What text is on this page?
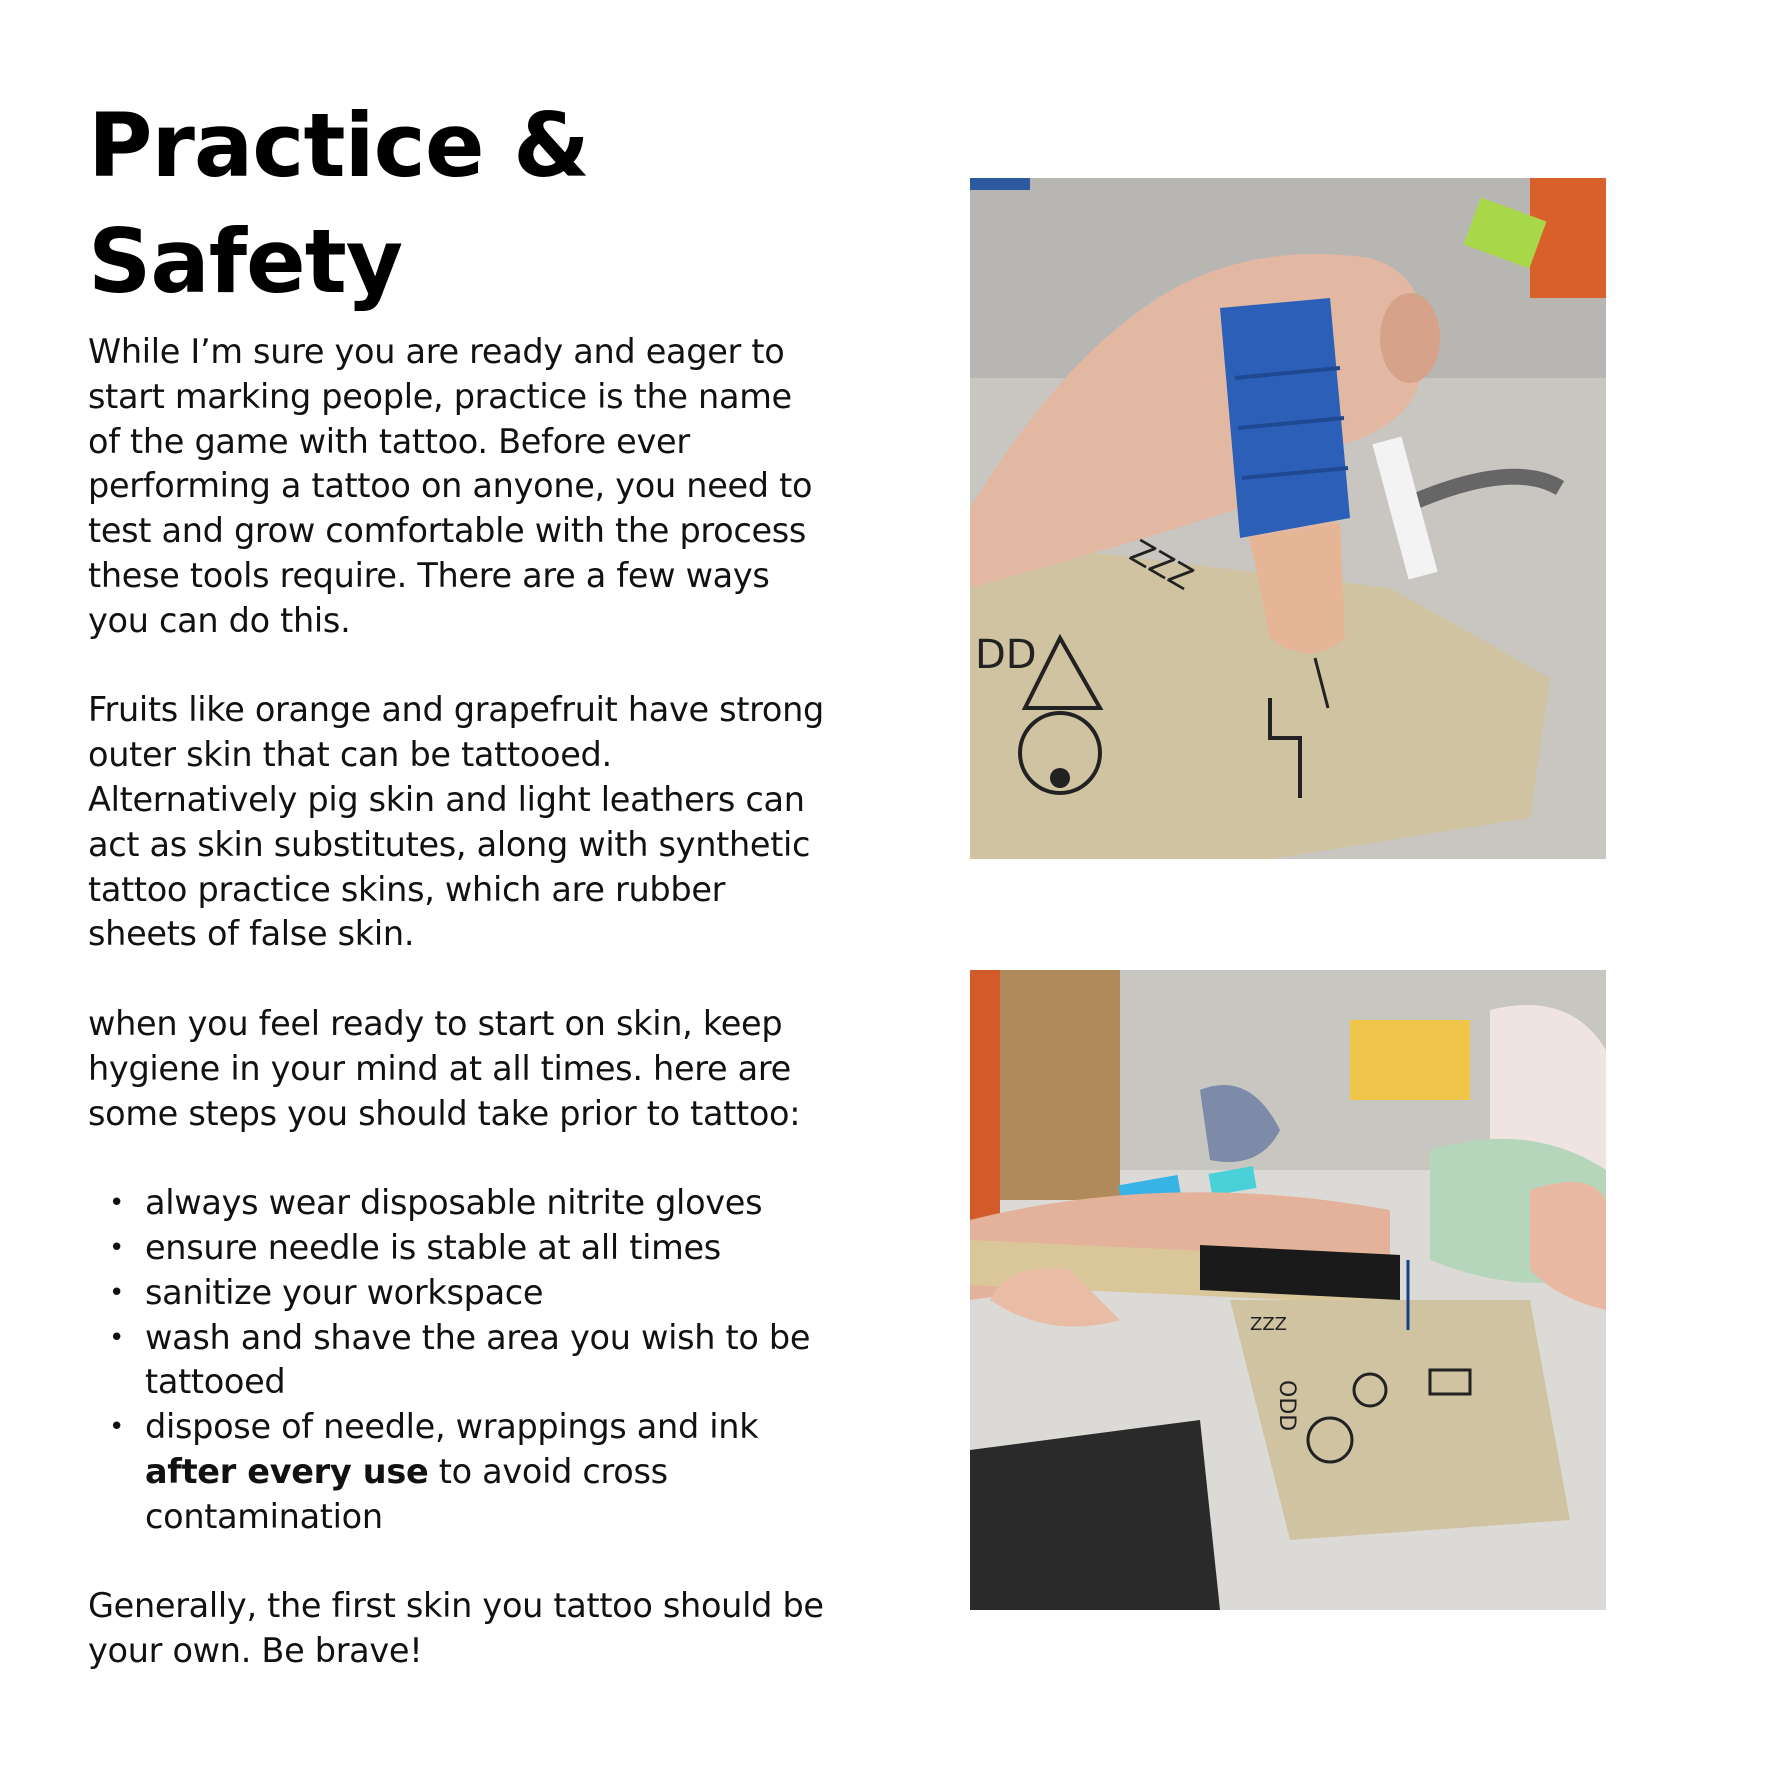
Practice &
Safety

While I’m sure you are ready and eager to start marking people, practice is the name of the game with tattoo. Before ever performing a tattoo on anyone, you need to test and grow comfortable with the process these tools require. There are a few ways you can do this.

Fruits like orange and grapefruit have strong outer skin that can be tattooed. Alternatively pig skin and light leathers can act as skin substitutes, along with synthetic tattoo practice skins, which are rubber sheets of false skin.

when you feel ready to start on skin, keep hygiene in your mind at all times. here are some steps you should take prior to tattoo:

• always wear disposable nitrite gloves
• ensure needle is stable at all times
• sanitize your workspace
• wash and shave the area you wish to be tattooed
• dispose of needle, wrappings and ink after every use to avoid cross contamination

Generally, the first skin you tattoo should be your own. Be brave!

DD
ZZZ
ODD
ZZZ
